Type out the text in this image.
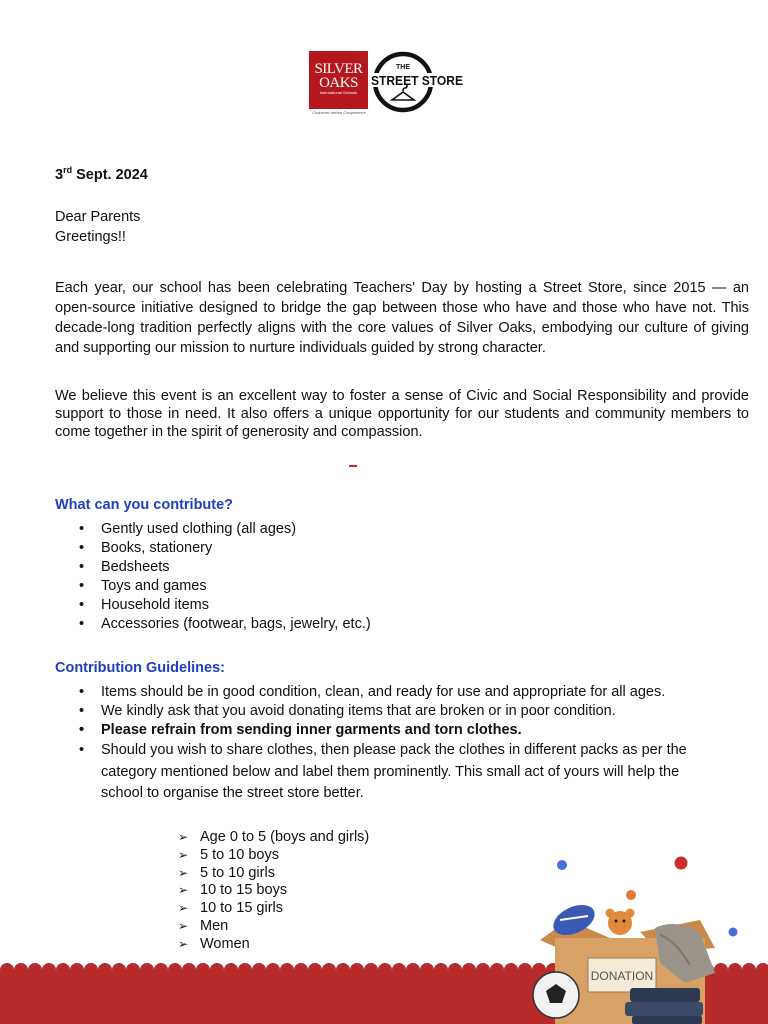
SILVER
OAKS
International Schools
Character before Competence
THE
STREET STORE
3rd Sept. 2024
Dear Parents
Greetings!!
Each year, our school has been celebrating Teachers' Day by hosting a Street Store, since 2015 — an open-source initiative designed to bridge the gap between those who have and those who have not. This decade-long tradition perfectly aligns with the core values of Silver Oaks, embodying our culture of giving and supporting our mission to nurture individuals guided by strong character.
We believe this event is an excellent way to foster a sense of Civic and Social Responsibility and provide support to those in need. It also offers a unique opportunity for our students and community members to come together in the spirit of generosity and compassion.
What can you contribute?
• Gently used clothing (all ages)
• Books, stationery
• Bedsheets
• Toys and games
• Household items
• Accessories (footwear, bags, jewelry, etc.)
Contribution Guidelines:
• Items should be in good condition, clean, and ready for use and appropriate for all ages.
• We kindly ask that you avoid donating items that are broken or in poor condition.
• Please refrain from sending inner garments and torn clothes.
• Should you wish to share clothes, then please pack the clothes in different packs as per the category mentioned below and label them prominently. This small act of yours will help the school to organise the street store better.
➢ Age 0 to 5 (boys and girls)
➢ 5 to 10 boys
➢ 5 to 10 girls
➢ 10 to 15 boys
➢ 10 to 15 girls
➢ Men
➢ Women
DONATION
